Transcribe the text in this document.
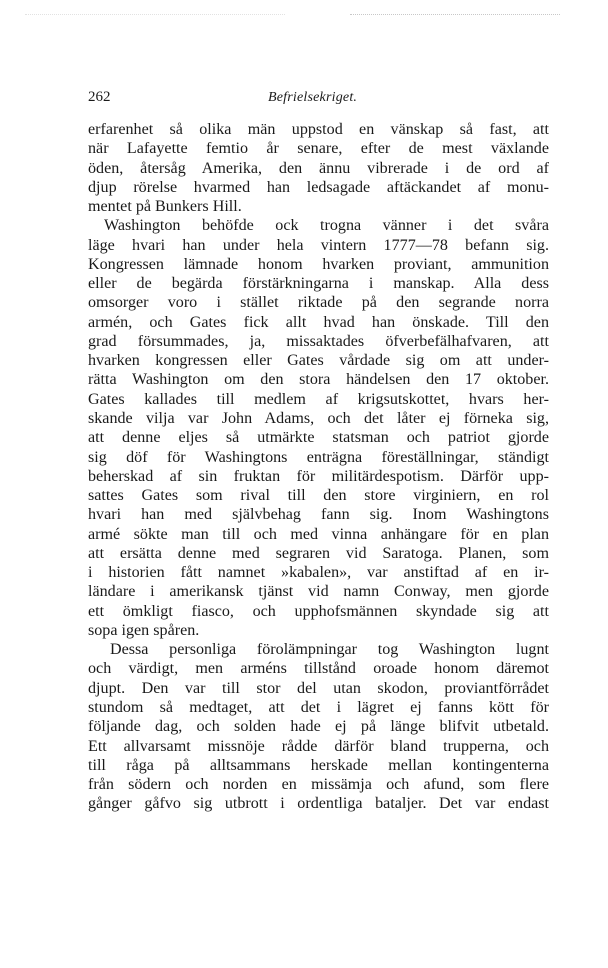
262	Befrielsekriget.
erfarenhet så olika män uppstod en vänskap så fast, att
när Lafayette femtio år senare, efter de mest växlande
öden, återsåg Amerika, den ännu vibrerade i de ord af
djup rörelse hvarmed han ledsagade aftäckandet af monu-
mentet på Bunkers Hill.
Washington behöfde ock trogna vänner i det svåra
läge hvari han under hela vintern 1777—78 befann sig.
Kongressen lämnade honom hvarken proviant, ammunition
eller de begärda förstärkningarna i manskap. Alla dess
omsorger voro i stället riktade på den segrande norra
armén, och Gates fick allt hvad han önskade. Till den
grad försummades, ja, missaktades öfverbefälhafvaren, att
hvarken kongressen eller Gates vårdade sig om att under-
rätta Washington om den stora händelsen den 17 oktober.
Gates kallades till medlem af krigsutskottet, hvars her-
skande vilja var John Adams, och det låter ej förneka sig,
att denne eljes så utmärkte statsman och patriot gjorde
sig döf för Washingtons enträgna föreställningar, ständigt
beherskad af sin fruktan för militärdespotism. Därför upp-
sattes Gates som rival till den store virginiern, en rol
hvari han med självbehag fann sig. Inom Washingtons
armé sökte man till och med vinna anhängare för en plan
att ersätta denne med segraren vid Saratoga. Planen, som
i historien fått namnet »kabalen», var anstiftad af en ir-
ländare i amerikansk tjänst vid namn Conway, men gjorde
ett ömkligt fiasco, och upphofsmännen skyndade sig att
sopa igen spåren.
Dessa personliga förolämpningar tog Washington lugnt
och värdigt, men arméns tillstånd oroade honom däremot
djupt. Den var till stor del utan skodon, proviantförrådet
stundom så medtaget, att det i lägret ej fanns kött för
följande dag, och solden hade ej på länge blifvit utbetald.
Ett allvarsamt missnöje rådde därför bland trupperna, och
till råga på alltsammans herskade mellan kontingenterna
från södern och norden en missämja och afund, som flere
gånger gåfvo sig utbrott i ordentliga bataljer. Det var endast
